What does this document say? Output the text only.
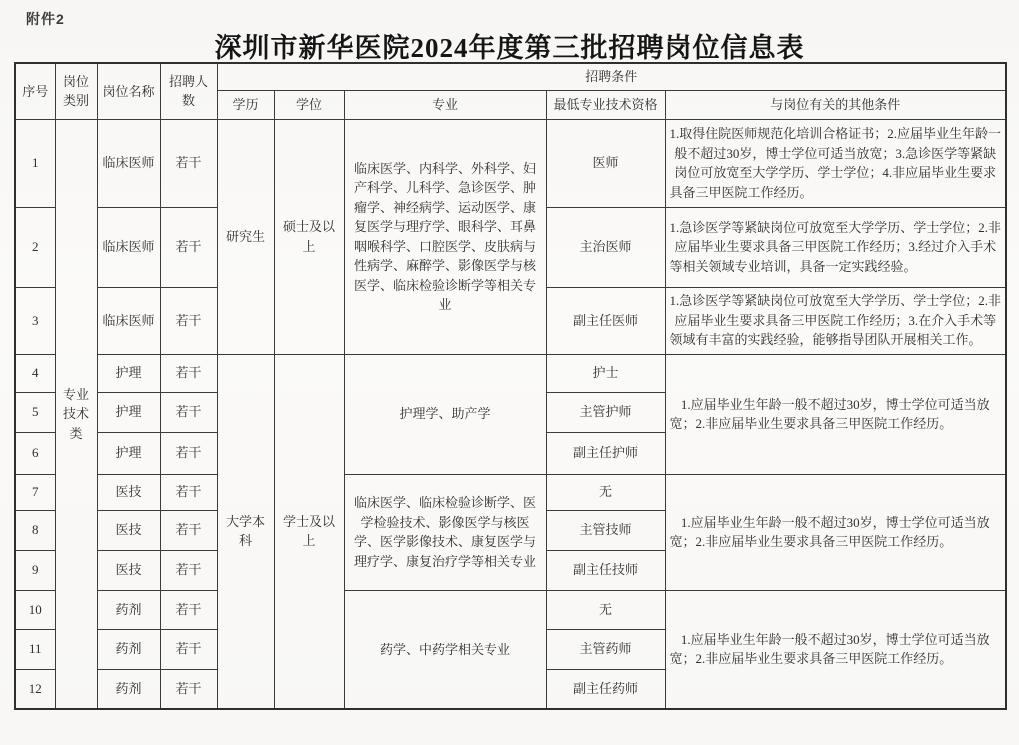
附件2
深圳市新华医院2024年度第三批招聘岗位信息表
序号	岗位类别	岗位名称	招聘人数	招聘条件				
				学历	学位	专业	最低专业技术资格	与岗位有关的其他条件
1	专业技术类	临床医师	若干	研究生	硕士及以上	临床医学、内科学、外科学、妇产科学、儿科学、急诊医学、肿瘤学、神经病学、运动医学、康复医学与理疗学、眼科学、耳鼻咽喉科学、口腔医学、皮肤病与性病学、麻醉学、影像医学与核医学、临床检验诊断学等相关专业	医师	1.取得住院医师规范化培训合格证书；2.应届毕业生年龄一般不超过30岁，博士学位可适当放宽；3.急诊医学等紧缺岗位可放宽至大学学历、学士学位；4.非应届毕业生要求具备三甲医院工作经历。
2		临床医师	若干				主治医师	1.急诊医学等紧缺岗位可放宽至大学学历、学士学位；2.非应届毕业生要求具备三甲医院工作经历；3.经过介入手术等相关领域专业培训，具备一定实践经验。
3		临床医师	若干				副主任医师	1.急诊医学等紧缺岗位可放宽至大学学历、学士学位；2.非应届毕业生要求具备三甲医院工作经历；3.在介入手术等领域有丰富的实践经验，能够指导团队开展相关工作。
4		护理	若干	大学本科	学士及以上	护理学、助产学	护士	1.应届毕业生年龄一般不超过30岁，博士学位可适当放宽；2.非应届毕业生要求具备三甲医院工作经历。
5		护理	若干				主管护师	
6		护理	若干				副主任护师	
7		医技	若干			临床医学、临床检验诊断学、医学检验技术、影像医学与核医学、医学影像技术、康复医学与理疗学、康复治疗学等相关专业	无	1.应届毕业生年龄一般不超过30岁，博士学位可适当放宽；2.非应届毕业生要求具备三甲医院工作经历。
8		医技	若干				主管技师	
9		医技	若干				副主任技师	
10		药剂	若干			药学、中药学相关专业	无	1.应届毕业生年龄一般不超过30岁，博士学位可适当放宽；2.非应届毕业生要求具备三甲医院工作经历。
11		药剂	若干				主管药师	
12		药剂	若干				副主任药师	
